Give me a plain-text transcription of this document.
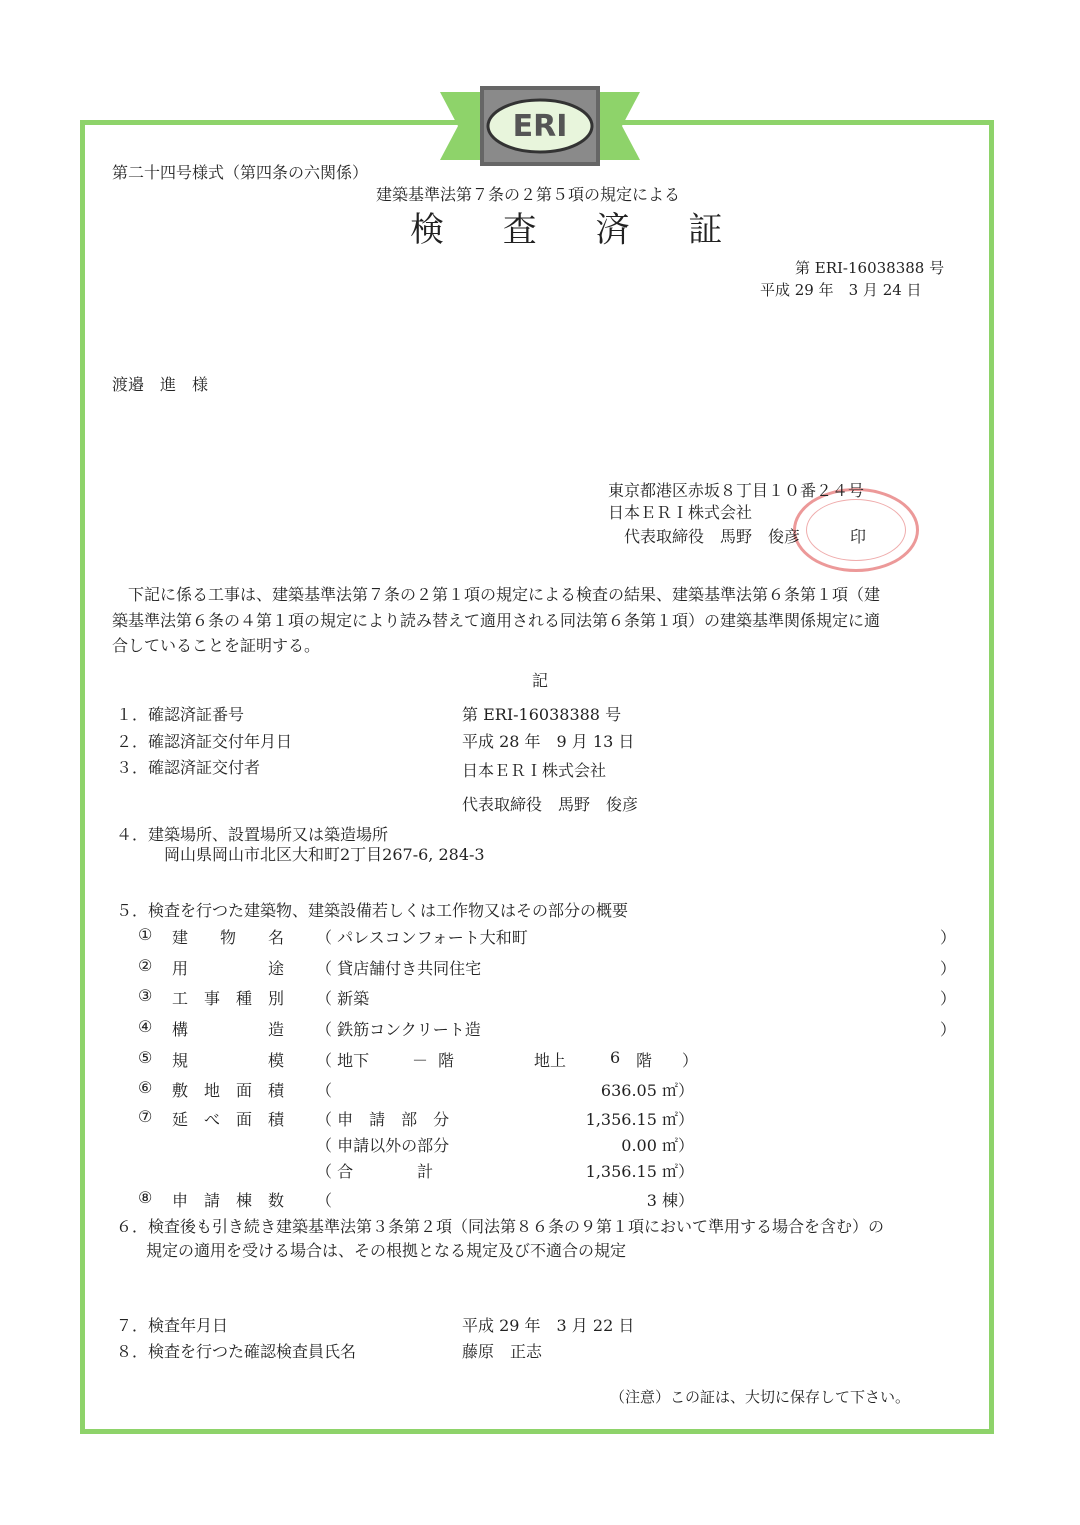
ERI
第二十四号様式（第四条の六関係）
建築基準法第７条の２第５項の規定による
検 査 済 証
第 ERI-16038388 号
平成 29 年　3 月 24 日
渡邉　進　様
東京都港区赤坂８丁目１０番２４号
日本ＥＲＩ株式会社
代表取締役　馬野　俊彦	印
　下記に係る工事は、建築基準法第７条の２第１項の規定による検査の結果、建築基準法第６条第１項（建
築基準法第６条の４第１項の規定により読み替えて適用される同法第６条第１項）の建築基準関係規定に適
合していることを証明する。
記
１．確認済証番号	第 ERI-16038388 号
２．確認済証交付年月日	平成 28 年　9 月 13 日
３．確認済証交付者	日本ＥＲＩ株式会社
代表取締役　馬野　俊彦
４．建築場所、設置場所又は築造場所
岡山県岡山市北区大和町2丁目267-6, 284-3
５．検査を行つた建築物、建築設備若しくは工作物又はその部分の概要
① 建　　物　　名 （ パレスコンフォート大和町	）
② 用　　　　　途 （ 貸店舗付き共同住宅	）
③ 工　事　種　別 （ 新築	）
④ 構　　　　　造 （ 鉄筋コンクリート造	）
⑤ 規　　　　　模 （ 地下	－ 階	地上	6 階 ）
⑥ 敷　地　面　積 （	636.05 ㎡）
⑦ 延　べ　面　積 （ 申　請　部　分	1,356.15 ㎡）
（ 申請以外の部分	0.00 ㎡）
（ 合　　　　計	1,356.15 ㎡）
⑧ 申　請　棟　数 （	3 棟）
６．検査後も引き続き建築基準法第３条第２項（同法第８６条の９第１項において準用する場合を含む）の
規定の適用を受ける場合は、その根拠となる規定及び不適合の規定
７．検査年月日	平成 29 年　3 月 22 日
８．検査を行つた確認検査員氏名	藤原　正志
（注意）この証は、大切に保存して下さい。
